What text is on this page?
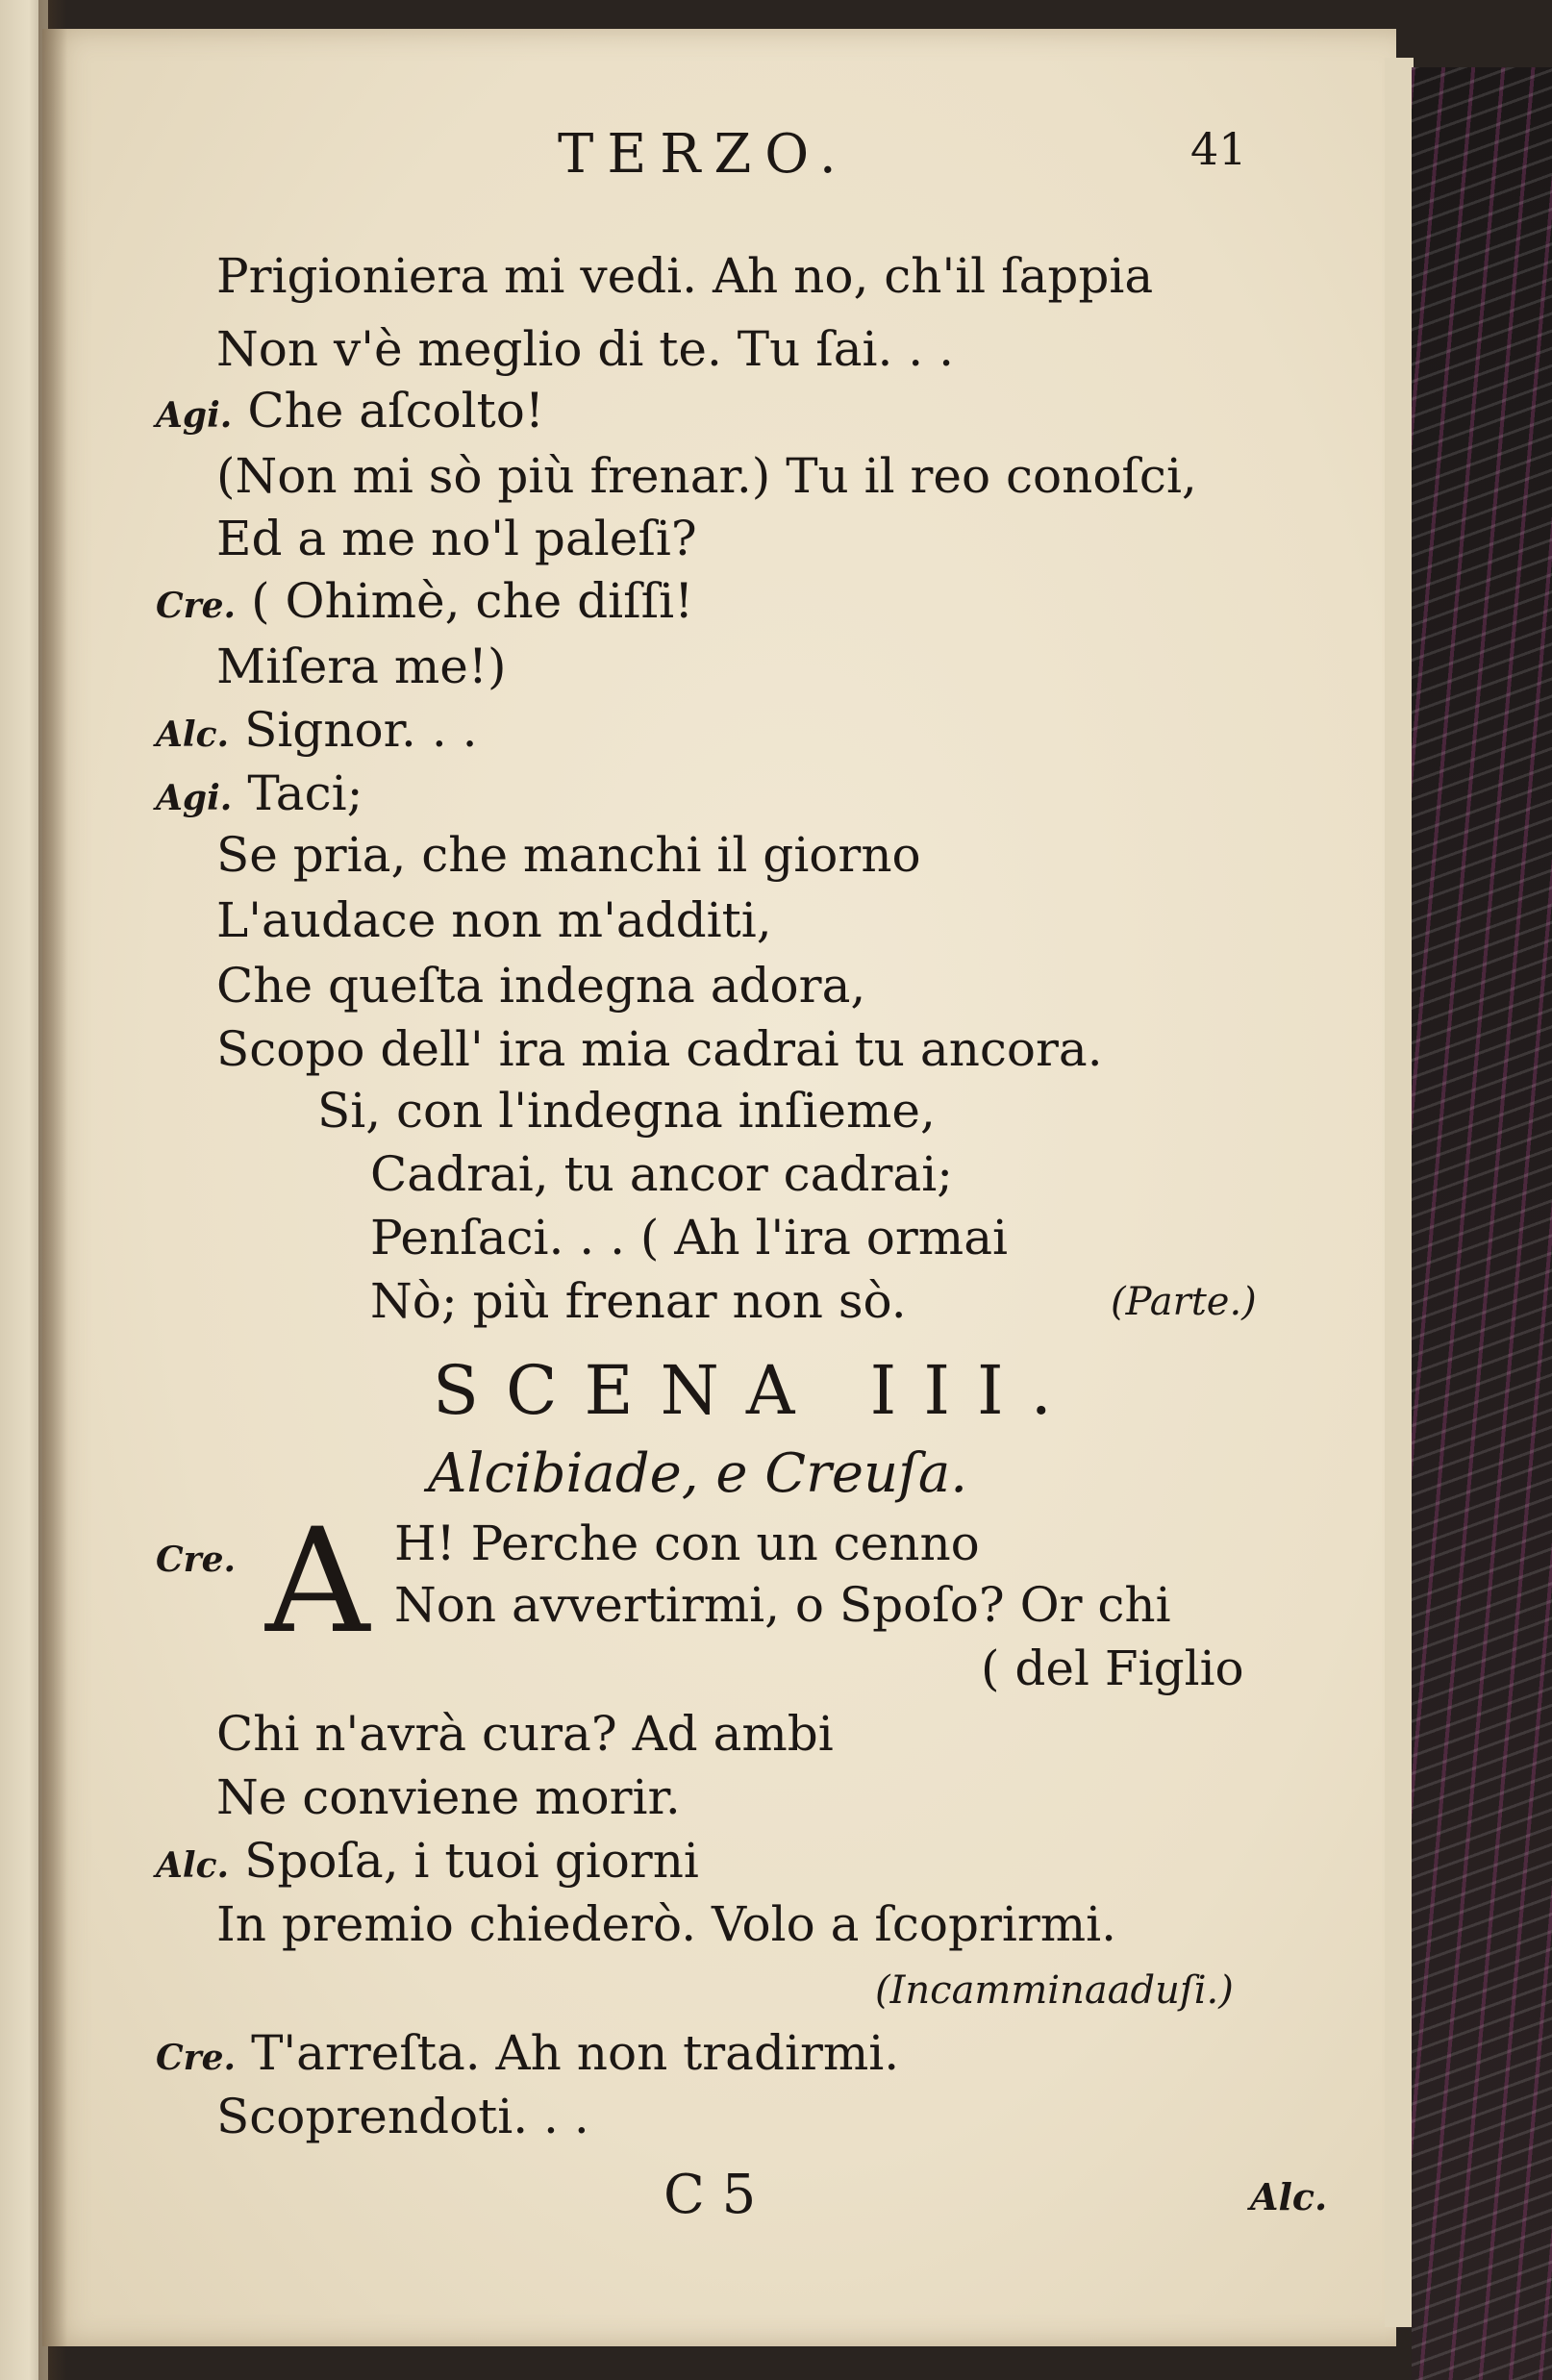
TERZO.	41
Prigioniera mi vedi. Ah no, ch'il ſappia
Non v'è meglio di te. Tu ſai. . .
Agi. Che aſcolto!
(Non mi sò più frenar.) Tu il reo conoſci,
Ed a me no'l paleſi?
Cre. ( Ohimè, che diſſi!
Miſera me!)
Alc. Signor. . .
Agi. Taci;
Se pria, che manchi il giorno
L'audace non m'additi,
Che queſta indegna adora,
Scopo dell' ira mia cadrai tu ancora.
Si, con l'indegna inſieme,
Cadrai, tu ancor cadrai;
Penſaci. . . ( Ah l'ira ormai
Nò; più frenar non sò.	(Parte.)
SCENA III.
Alcibiade, e Creuſa.
Cre. A H! Perche con un cenno
Non avvertirmi, o Spoſo? Or chi
( del Figlio
Chi n'avrà cura? Ad ambi
Ne conviene morir.
Alc. Spoſa, i tuoi giorni
In premio chiederò. Volo a ſcoprirmi.
(Incamminaaduſi.)
Cre. T'arreſta. Ah non tradirmi.
Scoprendoti. . .
C 5	Alc.
